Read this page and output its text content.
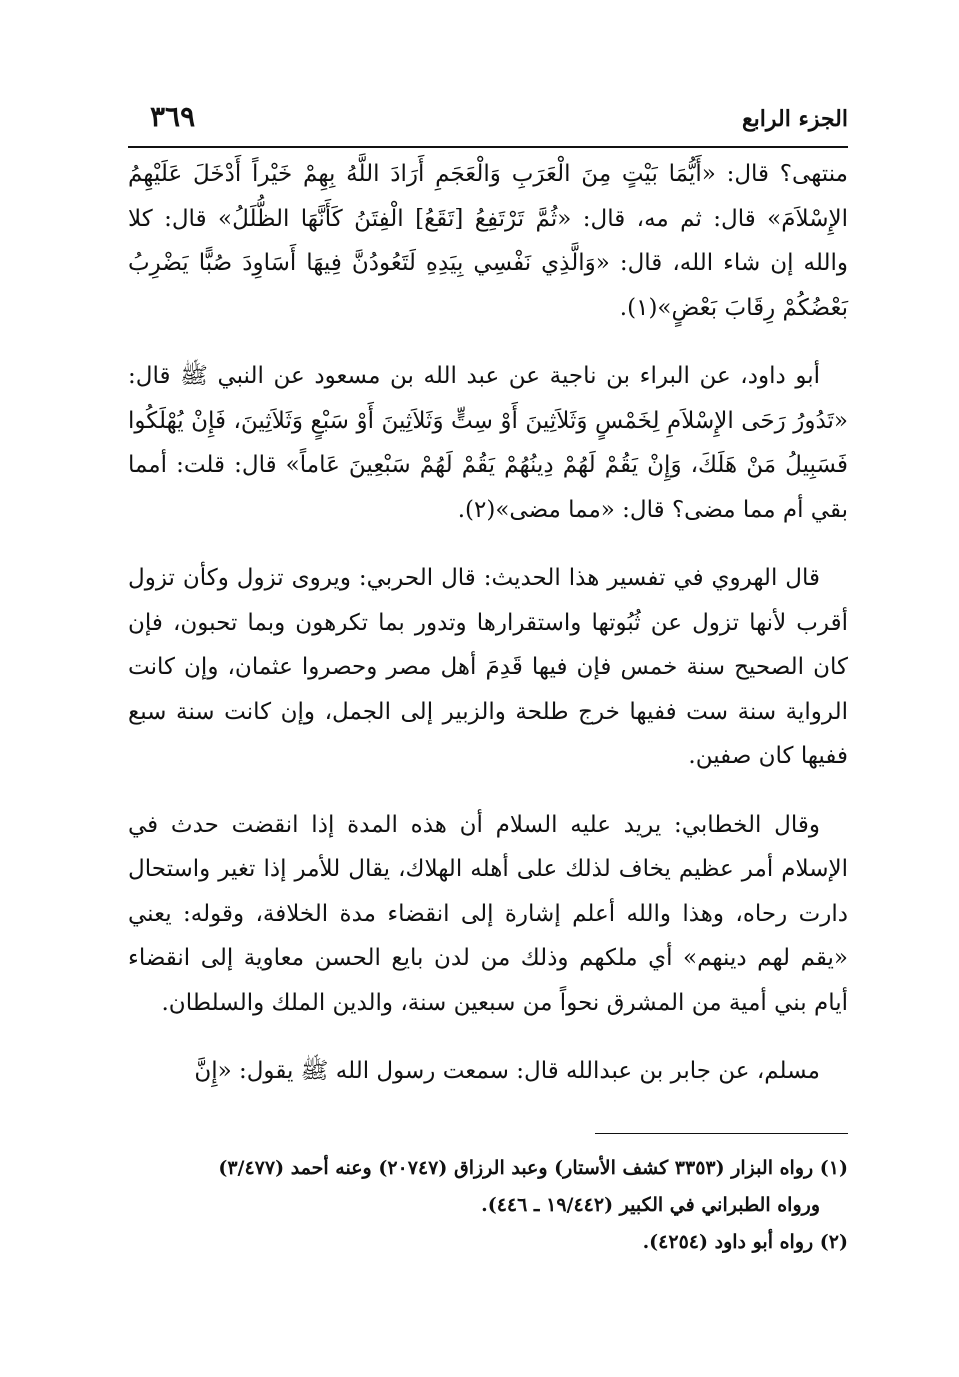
الجزء الرابع
٣٦٩

منتهى؟ قال: «أَيُّمَا بَيْتٍ مِنَ الْعَرَبِ وَالْعَجَمِ أَرَادَ اللَّهُ بِهِمْ خَيْراً أَدْخَلَ عَلَيْهِمُ الإِسْلاَمَ» قال: ثم مه، قال: «ثُمَّ تَرْتَفِعُ [تَقَعُ] الْفِتَنُ كَأَنَّهَا الظُّلَلُ» قال: كلا والله إن شاء الله، قال: «وَالَّذِي نَفْسِي بِيَدِهِ لَتَعُودُنَّ فِيهَا أَسَاوِدَ صُبًّا يَضْرِبُ بَعْضُكُمْ رِقَابَ بَعْضٍ»(١).

أبو داود، عن البراء بن ناجية عن عبد الله بن مسعود عن النبي ﷺ قال: «تَدُورُ رَحَى الإِسْلاَمِ لِخَمْسٍ وَثَلاَثِينَ أَوْ سِتٍّ وَثَلاَثِينَ أَوْ سَبْعٍ وَثَلاَثِينَ، فَإِنْ يُهْلَكُوا فَسَبِيلُ مَنْ هَلَكَ، وَإِنْ يَقُمْ لَهُمْ دِينُهُمْ يَقُمْ لَهُمْ سَبْعِينَ عَاماً» قال: قلت: أمما بقي أم مما مضى؟ قال: «مما مضى»(٢).

قال الهروي في تفسير هذا الحديث: قال الحربي: ويروى تزول وكأن تزول أقرب لأنها تزول عن ثُبُوتها واستقرارها وتدور بما تكرهون وبما تحبون، فإن كان الصحيح سنة خمس فإن فيها قَدِمَ أهل مصر وحصروا عثمان، وإن كانت الرواية سنة ست ففيها خرج طلحة والزبير إلى الجمل، وإن كانت سنة سبع ففيها كان صفين.

وقال الخطابي: يريد عليه السلام أن هذه المدة إذا انقضت حدث في الإسلام أمر عظيم يخاف لذلك على أهله الهلاك، يقال للأمر إذا تغير واستحال دارت رحاه، وهذا والله أعلم إشارة إلى انقضاء مدة الخلافة، وقوله: يعني «يقم لهم دينهم» أي ملكهم وذلك من لدن بايع الحسن معاوية إلى انقضاء أيام بني أمية من المشرق نحواً من سبعين سنة، والدين الملك والسلطان.

مسلم، عن جابر بن عبدالله قال: سمعت رسول الله ﷺ يقول: «إِنَّ

(١) رواه البزار (٣٣٥٣ كشف الأستار) وعبد الرزاق (٢٠٧٤٧) وعنه أحمد (٣/٤٧٧)
ورواه الطبراني في الكبير (١٩/٤٤٢ ـ ٤٤٦).

(٢) رواه أبو داود (٤٢٥٤).
